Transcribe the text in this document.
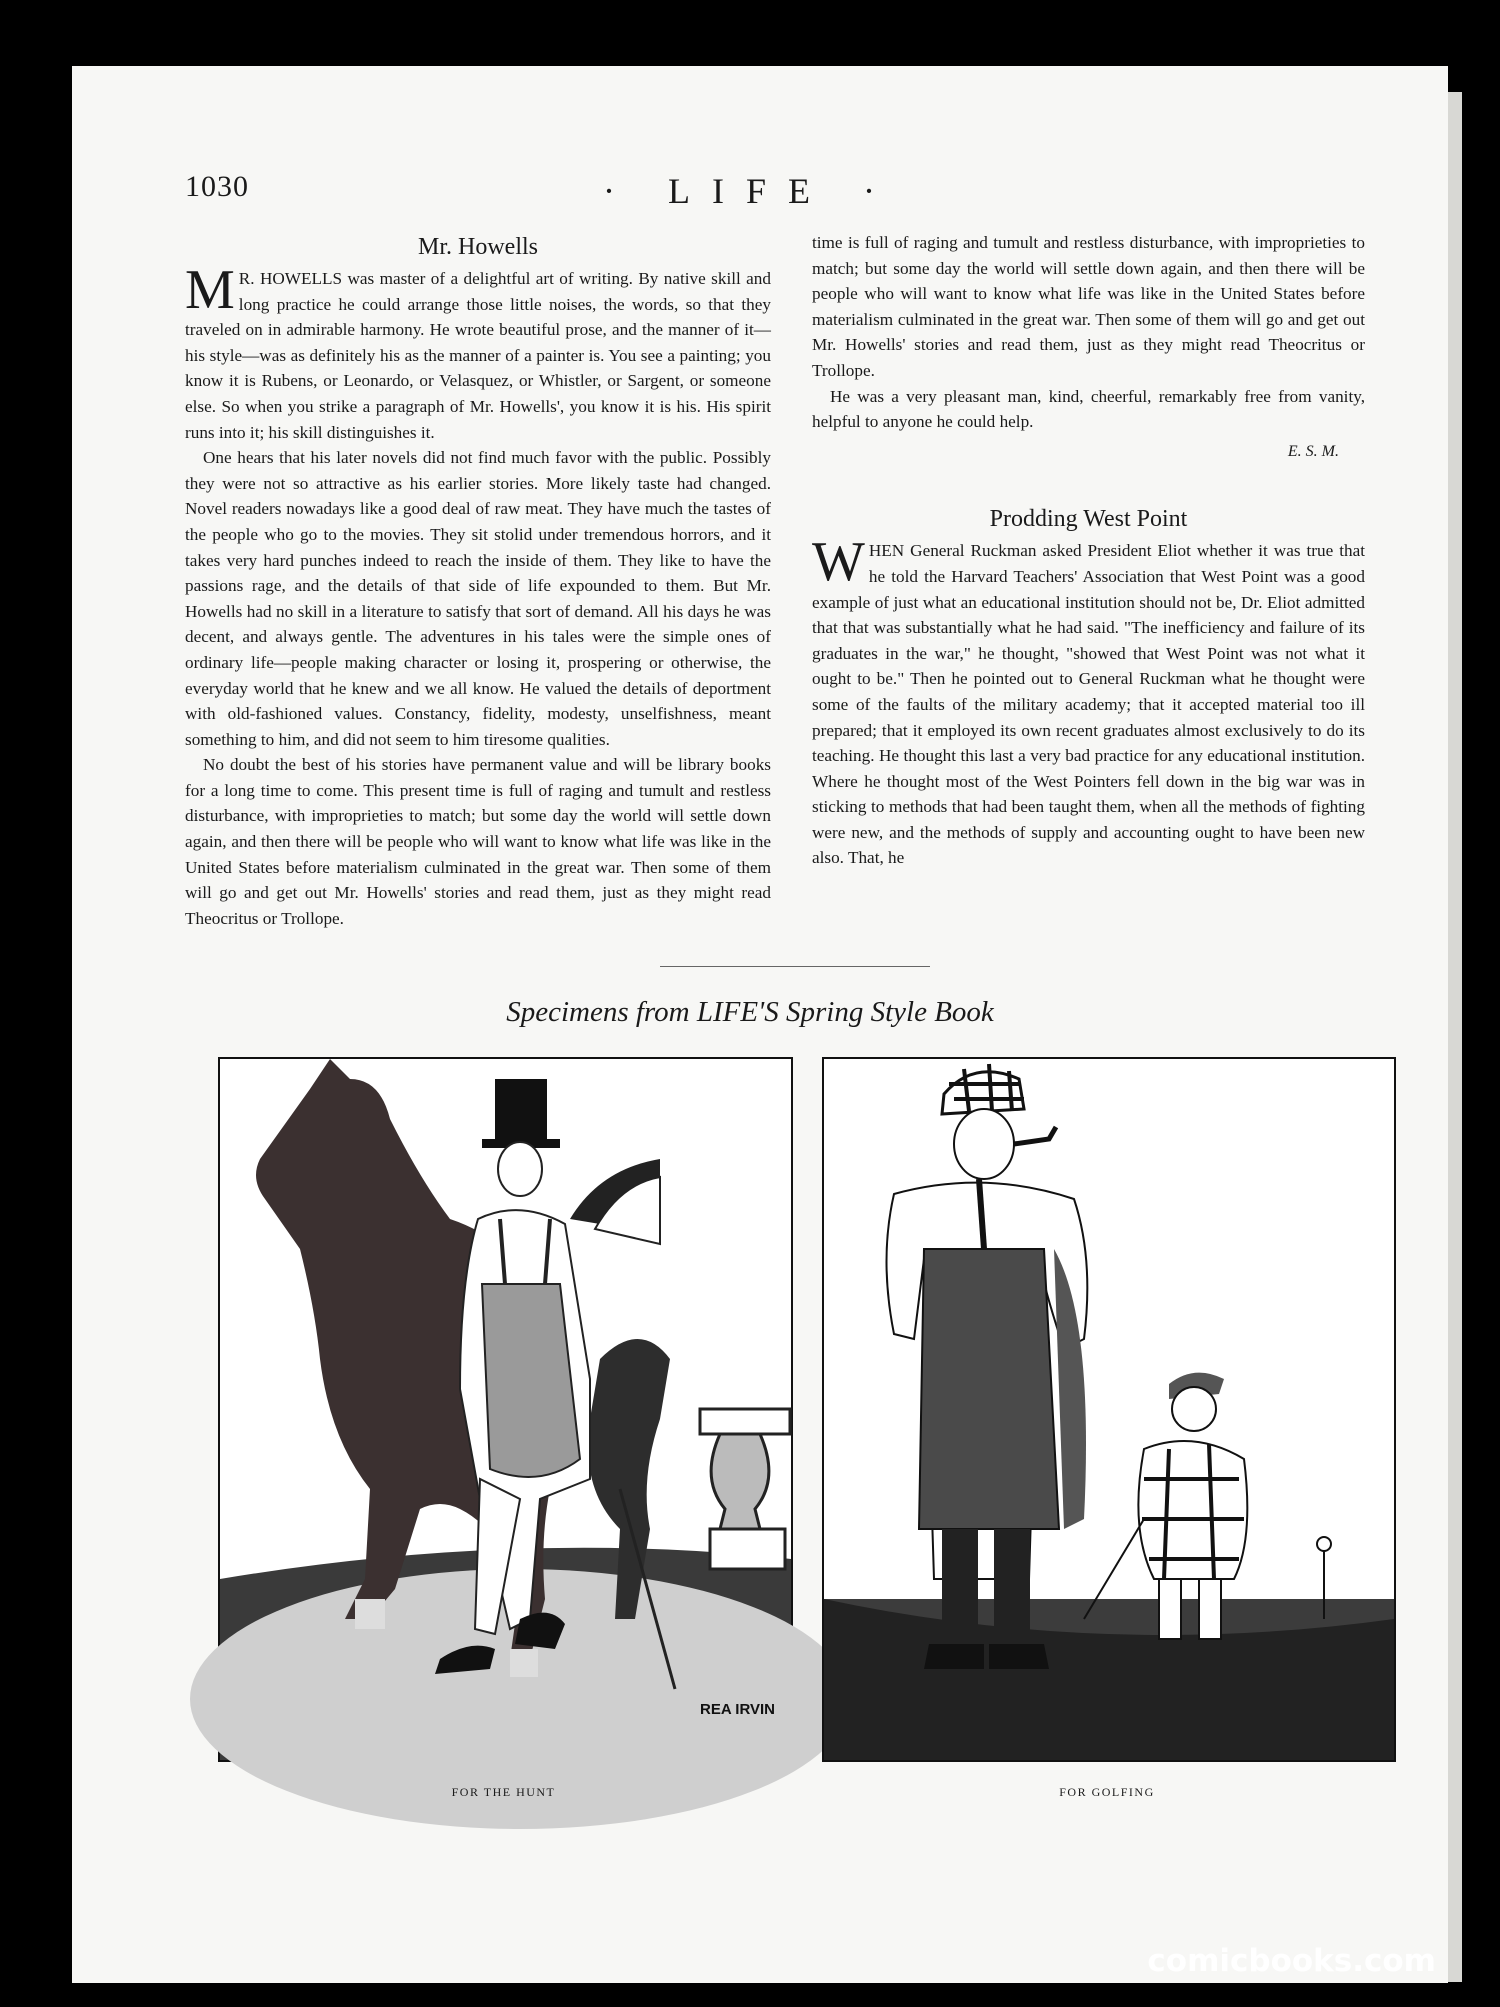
1030	· LIFE ·
Mr. Howells

M R. HOWELLS was master of a delightful art of writing. By native skill and long practice he could arrange those little noises, the words, so that they traveled on in admirable harmony. He wrote beautiful prose, and the manner of it—his style—was as definitely his as the manner of a painter is. You see a painting; you know it is Rubens, or Leonardo, or Velasquez, or Whistler, or Sargent, or someone else. So when you strike a paragraph of Mr. Howells', you know it is his. His spirit runs into it; his skill distinguishes it.

One hears that his later novels did not find much favor with the public. Possibly they were not so attractive as his earlier stories. More likely taste had changed. Novel readers nowadays like a good deal of raw meat. They have much the tastes of the people who go to the movies. They sit stolid under tremendous horrors, and it takes very hard punches indeed to reach the inside of them. They like to have the passions rage, and the details of that side of life expounded to them. But Mr. Howells had no skill in a literature to satisfy that sort of demand. All his days he was decent, and always gentle. The adventures in his tales were the simple ones of ordinary life—people making character or losing it, prospering or otherwise, the everyday world that he knew and we all know. He valued the details of deportment with old-fashioned values. Constancy, fidelity, modesty, unselfishness, meant something to him, and did not seem to him tiresome qualities.

No doubt the best of his stories have permanent value and will be library books for a long time to come. This present time is full of raging and tumult and restless disturbance, with improprieties to match; but some day the world will settle down again, and then there will be people who will want to know what life was like in the United States before materialism culminated in the great war. Then some of them will go and get out Mr. Howells' stories and read them, just as they might read Theocritus or Trollope.

time is full of raging and tumult and restless disturbance, with improprieties to match; but some day the world will settle down again, and then there will be people who will want to know what life was like in the United States before materialism culminated in the great war. Then some of them will go and get out Mr. Howells' stories and read them, just as they might read Theocritus or Trollope.

He was a very pleasant man, kind, cheerful, remarkably free from vanity, helpful to anyone he could help.

E. S. M.
Prodding West Point

WHEN General Ruckman asked President Eliot whether it was true that he told the Harvard Teachers' Association that West Point was a good example of just what an educational institution should not be, Dr. Eliot admitted that that was substantially what he had said. "The inefficiency and failure of its graduates in the war," he thought, "showed that West Point was not what it ought to be." Then he pointed out to General Ruckman what he thought were some of the faults of the military academy; that it accepted material too ill prepared; that it employed its own recent graduates almost exclusively to do its teaching. He thought this last a very bad practice for any educational institution. Where he thought most of the West Pointers fell down in the big war was in sticking to methods that had been taught them, when all the methods of fighting were new, and the methods of supply and accounting ought to have been new also. That, he

Specimens from LIFE'S Spring Style Book
REA IRVIN
FOR THE HUNT	FOR GOLFING
comicbooks.com
